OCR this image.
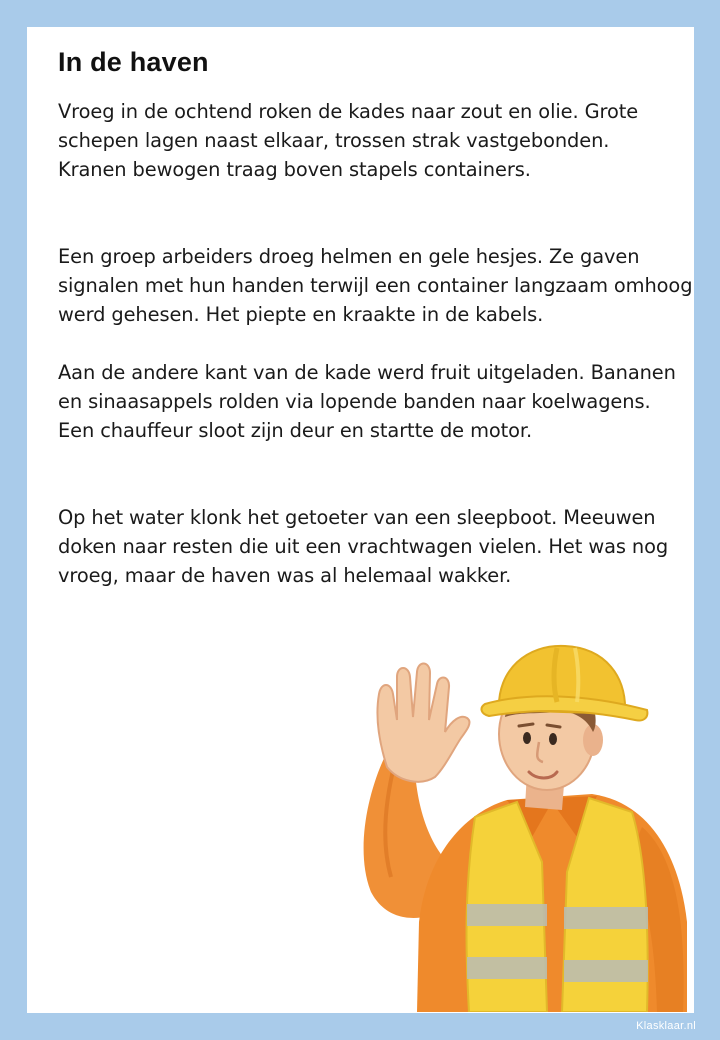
In de haven

Vroeg in de ochtend roken de kades naar zout en olie. Grote schepen lagen naast elkaar, trossen strak vastgebonden. Kranen bewogen traag boven stapels containers.

Een groep arbeiders droeg helmen en gele hesjes. Ze gaven signalen met hun handen terwijl een container langzaam omhoog werd gehesen. Het piepte en kraakte in de kabels.

Aan de andere kant van de kade werd fruit uitgeladen. Bananen en sinaasappels rolden via lopende banden naar koelwagens. Een chauffeur sloot zijn deur en startte de motor.

Op het water klonk het getoeter van een sleepboot. Meeuwen doken naar resten die uit een vrachtwagen vielen. Het was nog vroeg, maar de haven was al helemaal wakker.

Klasklaar.nl
